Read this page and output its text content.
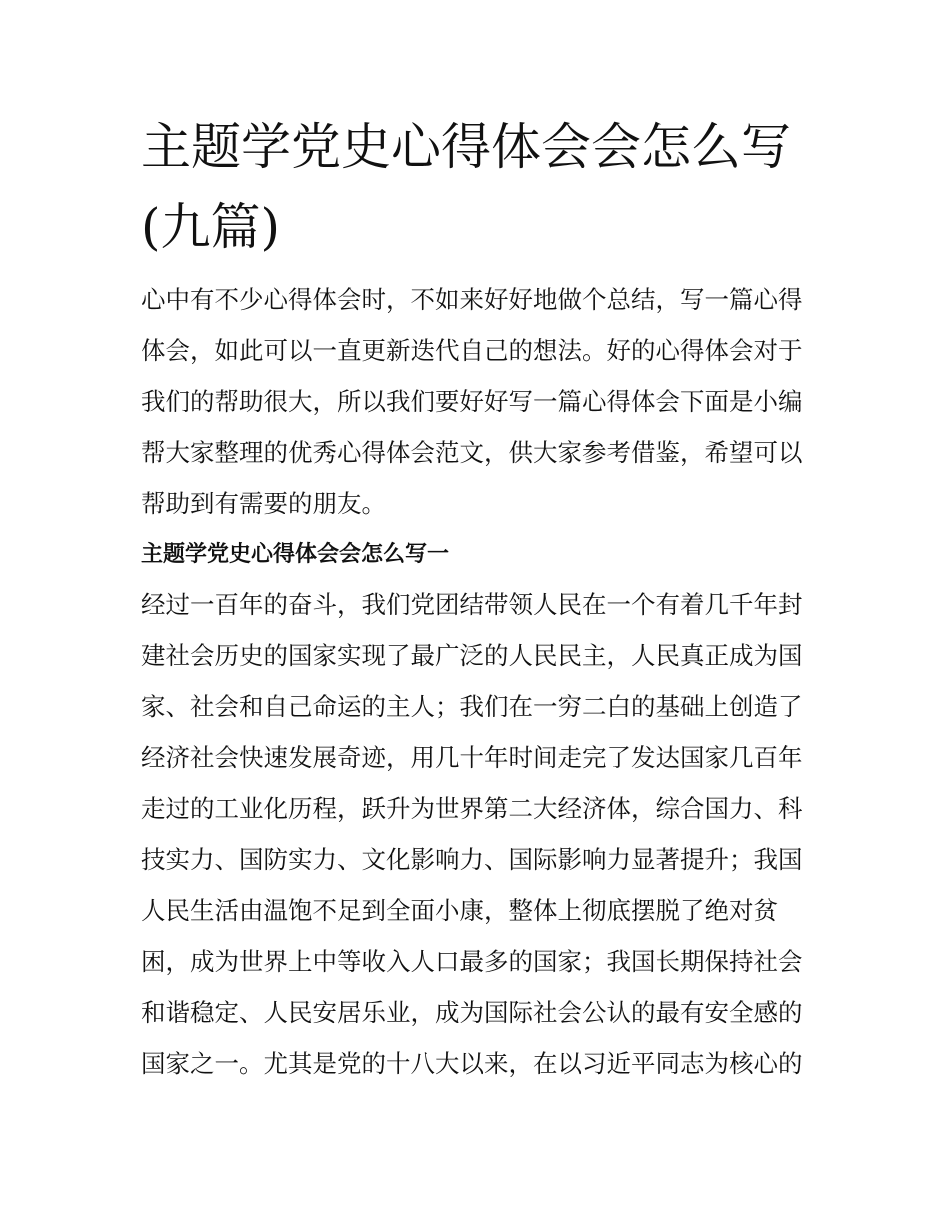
主题学党史心得体会会怎么写
(九篇)

心中有不少心得体会时，不如来好好地做个总结，写一篇心得

体会，如此可以一直更新迭代自己的想法。好的心得体会对于

我们的帮助很大，所以我们要好好写一篇心得体会下面是小编

帮大家整理的优秀心得体会范文，供大家参考借鉴，希望可以

帮助到有需要的朋友。

主题学党史心得体会会怎么写一

经过一百年的奋斗，我们党团结带领人民在一个有着几千年封

建社会历史的国家实现了最广泛的人民民主，人民真正成为国

家、社会和自己命运的主人；我们在一穷二白的基础上创造了

经济社会快速发展奇迹，用几十年时间走完了发达国家几百年

走过的工业化历程，跃升为世界第二大经济体，综合国力、科

技实力、国防实力、文化影响力、国际影响力显著提升；我国

人民生活由温饱不足到全面小康，整体上彻底摆脱了绝对贫

困，成为世界上中等收入人口最多的国家；我国长期保持社会

和谐稳定、人民安居乐业，成为国际社会公认的最有安全感的

国家之一。尤其是党的十八大以来，在以习近平同志为核心的
